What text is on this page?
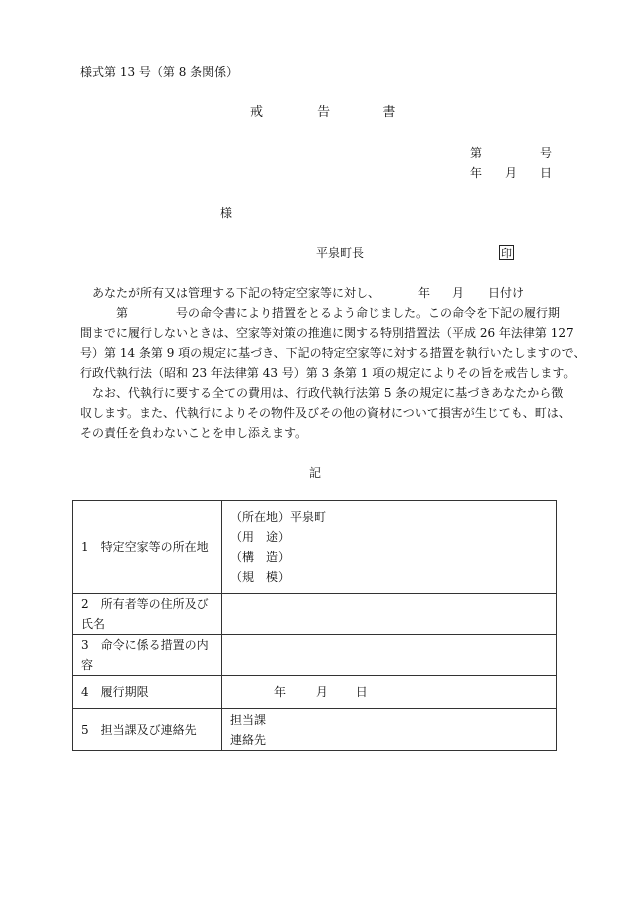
様式第 13 号（第 8 条関係）
戒	告	書
第	号
年 月 日
様
平泉町長	印
あなたが所有又は管理する下記の特定空家等に対し、	年 月 日付け
第	号の命令書により措置をとるよう命じました。この命令を下記の履行期
間までに履行しないときは、空家等対策の推進に関する特別措置法（平成 26 年法律第 127
号）第 14 条第 9 項の規定に基づき、下記の特定空家等に対する措置を執行いたしますので、
行政代執行法（昭和 23 年法律第 43 号）第 3 条第 1 項の規定によりその旨を戒告します。
なお、代執行に要する全ての費用は、行政代執行法第 5 条の規定に基づきあなたから徴
収します。また、代執行によりその物件及びその他の資材について損害が生じても、町は、
その責任を負わないことを申し添えます。
記
1　特定空家等の所在地	（所在地）平泉町
（用　途）
（構　造）
（規　模）

2　所有者等の住所及び氏名	
3　命令に係る措置の内容	
4　履行期限	年 月 日
5　担当課及び連絡先	担当課
連絡先
